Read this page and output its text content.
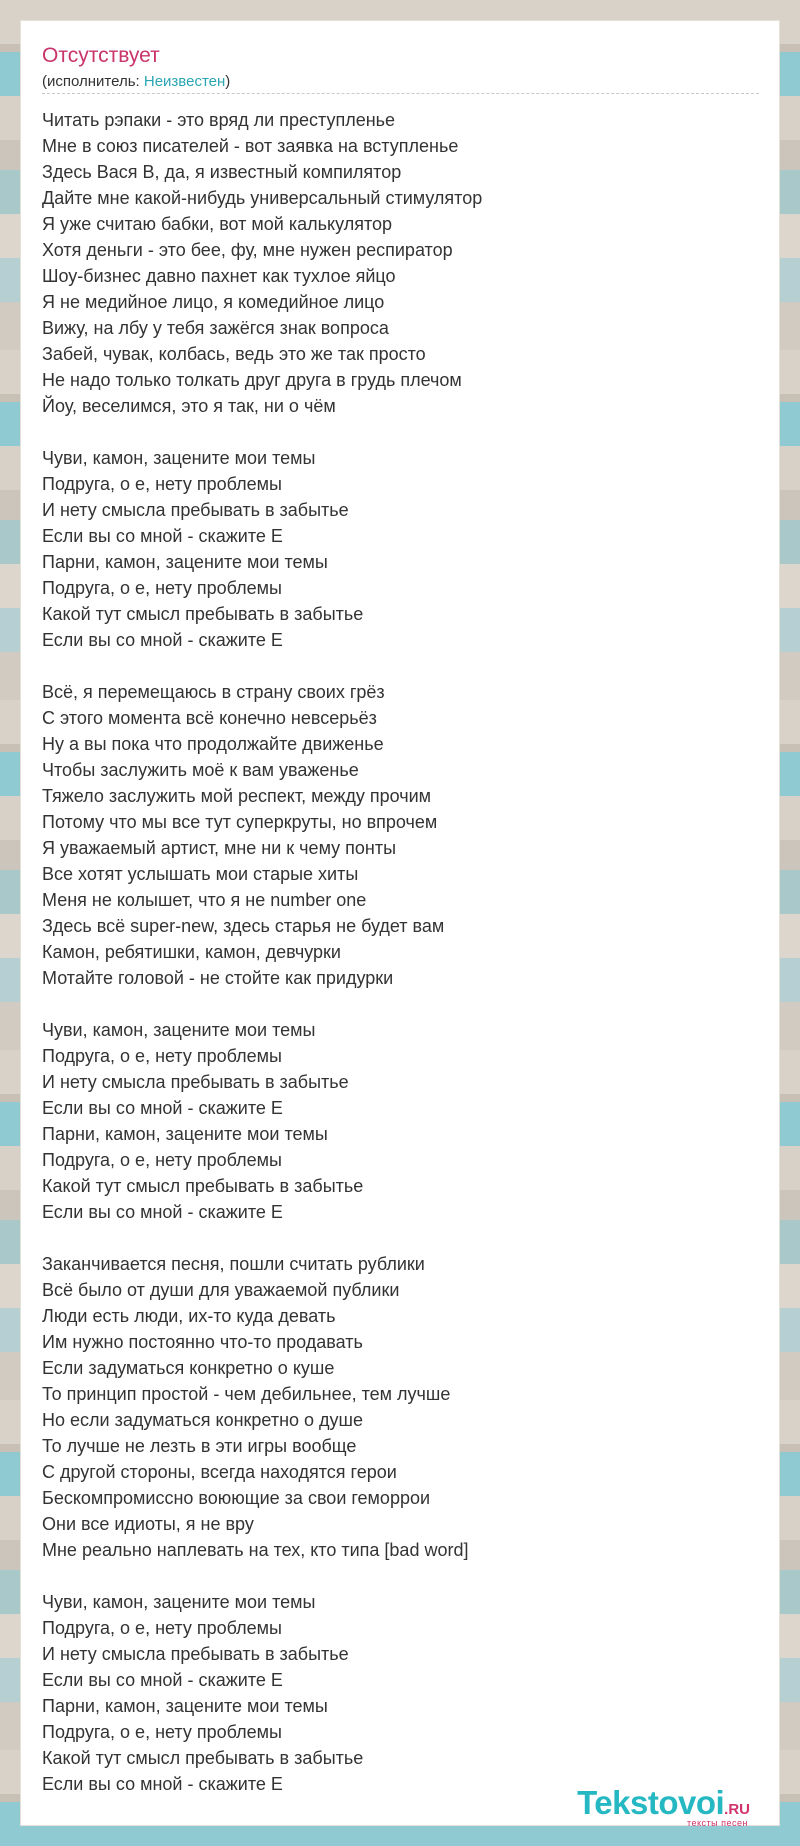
Отсутствует
(исполнитель: Неизвестен)
Читать рэпаки - это вряд ли преступленье
Мне в союз писателей - вот заявка на вступленье
Здесь Вася В, да, я известный компилятор
Дайте мне какой-нибудь универсальный стимулятор
Я уже считаю бабки, вот мой калькулятор
Хотя деньги - это бее, фу, мне нужен респиратор
Шоу-бизнес давно пахнет как тухлое яйцо
Я не медийное лицо, я комедийное лицо
Вижу, на лбу у тебя зажёгся знак вопроса
Забей, чувак, колбась, ведь это же так просто
Не надо только толкать друг друга в грудь плечом
Йоу, веселимся, это я так, ни о чём
Чуви, камон, зацените мои темы
Подруга, о е, нету проблемы
И нету смысла пребывать в забытье
Если вы со мной - скажите Е
Парни, камон, зацените мои темы
Подруга, о е, нету проблемы
Какой тут смысл пребывать в забытье
Если вы со мной - скажите Е
Всё, я перемещаюсь в страну своих грёз
С этого момента всё конечно невсерьёз
Ну а вы пока что продолжайте движенье
Чтобы заслужить моё к вам уваженье
Тяжело заслужить мой респект, между прочим
Потому что мы все тут суперкруты, но впрочем
Я уважаемый артист, мне ни к чему понты
Все хотят услышать мои старые хиты
Меня не колышет, что я не number one
Здесь всё super-new, здесь старья не будет вам
Камон, ребятишки, камон, девчурки
Мотайте головой - не стойте как придурки
Чуви, камон, зацените мои темы
Подруга, о е, нету проблемы
И нету смысла пребывать в забытье
Если вы со мной - скажите Е
Парни, камон, зацените мои темы
Подруга, о е, нету проблемы
Какой тут смысл пребывать в забытье
Если вы со мной - скажите Е
Заканчивается песня, пошли считать рублики
Всё было от души для уважаемой публики
Люди есть люди, их-то куда девать
Им нужно постоянно что-то продавать
Если задуматься конкретно о куше
То принцип простой - чем дебильнее, тем лучше
Но если задуматься конкретно о душе
То лучше не лезть в эти игры вообще
С другой стороны, всегда находятся герои
Бескомпромиссно воюющие за свои геморрои
Они все идиоты, я не вру
Мне реально наплевать на тех, кто типа [bad word]
Чуви, камон, зацените мои темы
Подруга, о е, нету проблемы
И нету смысла пребывать в забытье
Если вы со мной - скажите Е
Парни, камон, зацените мои темы
Подруга, о е, нету проблемы
Какой тут смысл пребывать в забытье
Если вы со мной - скажите Е	Tekstovoi.RU
тексты песен
